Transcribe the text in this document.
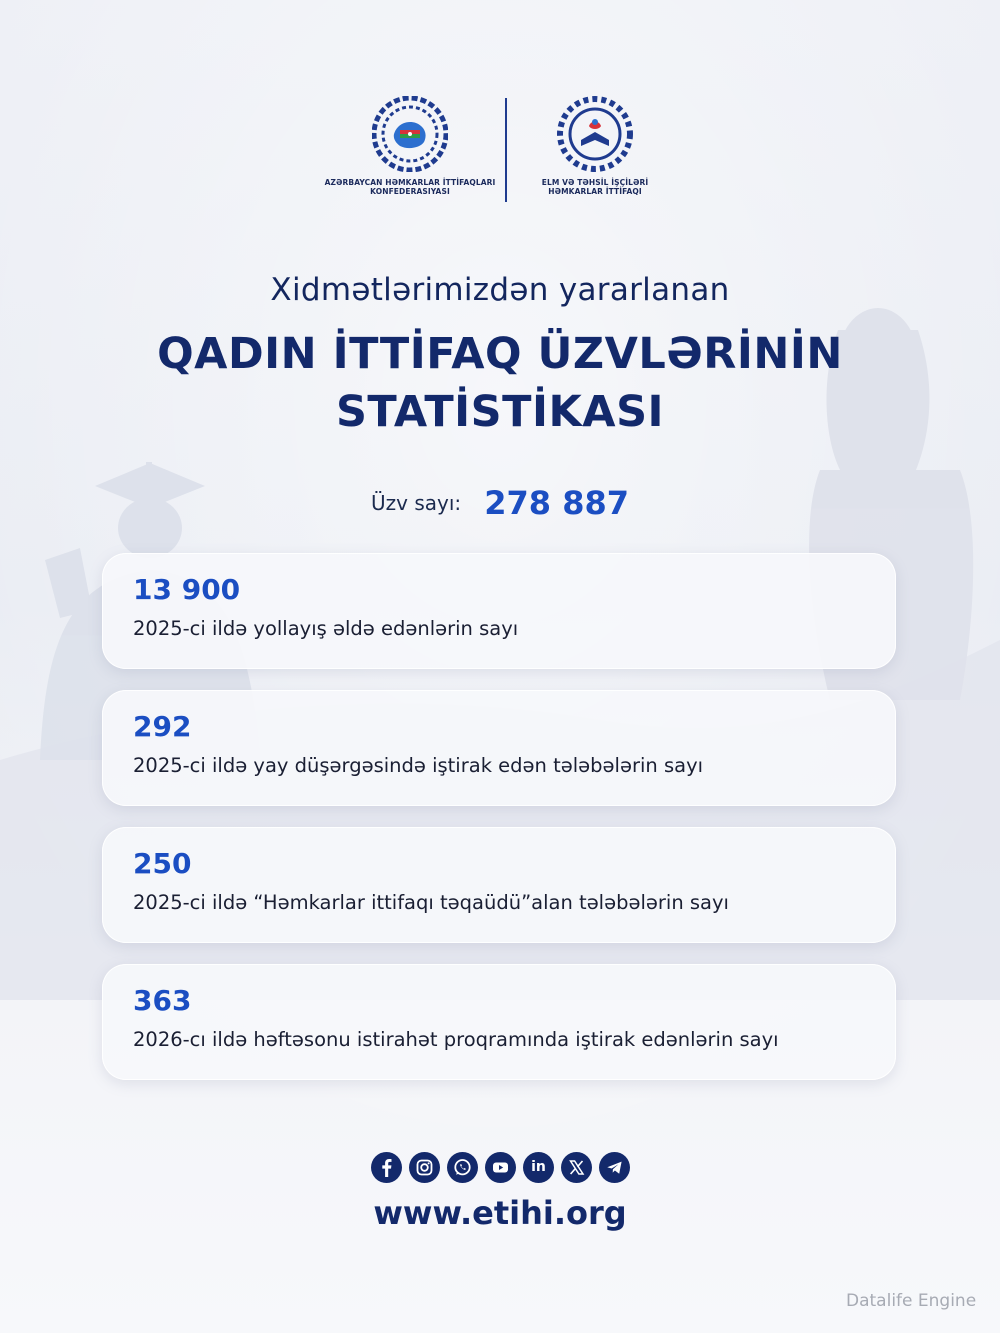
AZƏRBAYCAN HƏMKARLAR İTTİFAQLARI KONFEDERASIYASI
ELM VƏ TƏHSİL İŞÇİLƏRİ HƏMKARLAR İTTİFAQI
Xidmətlərimizdən yararlanan
QADIN İTTİFAQ ÜZVLƏRİNİN
STATİSTİKASI
Üzv sayı: 278 887
13 900
2025-ci ildə yollayış əldə edənlərin sayı
292
2025-ci ildə yay düşərgəsində iştirak edən tələbələrin sayı
250
2025-ci ildə “Həmkarlar ittifaqı təqaüdü”alan tələbələrin sayı
363
2026-cı ildə həftəsonu istirahət proqramında iştirak edənlərin sayı
in
www.etihi.org
Datalife Engine
